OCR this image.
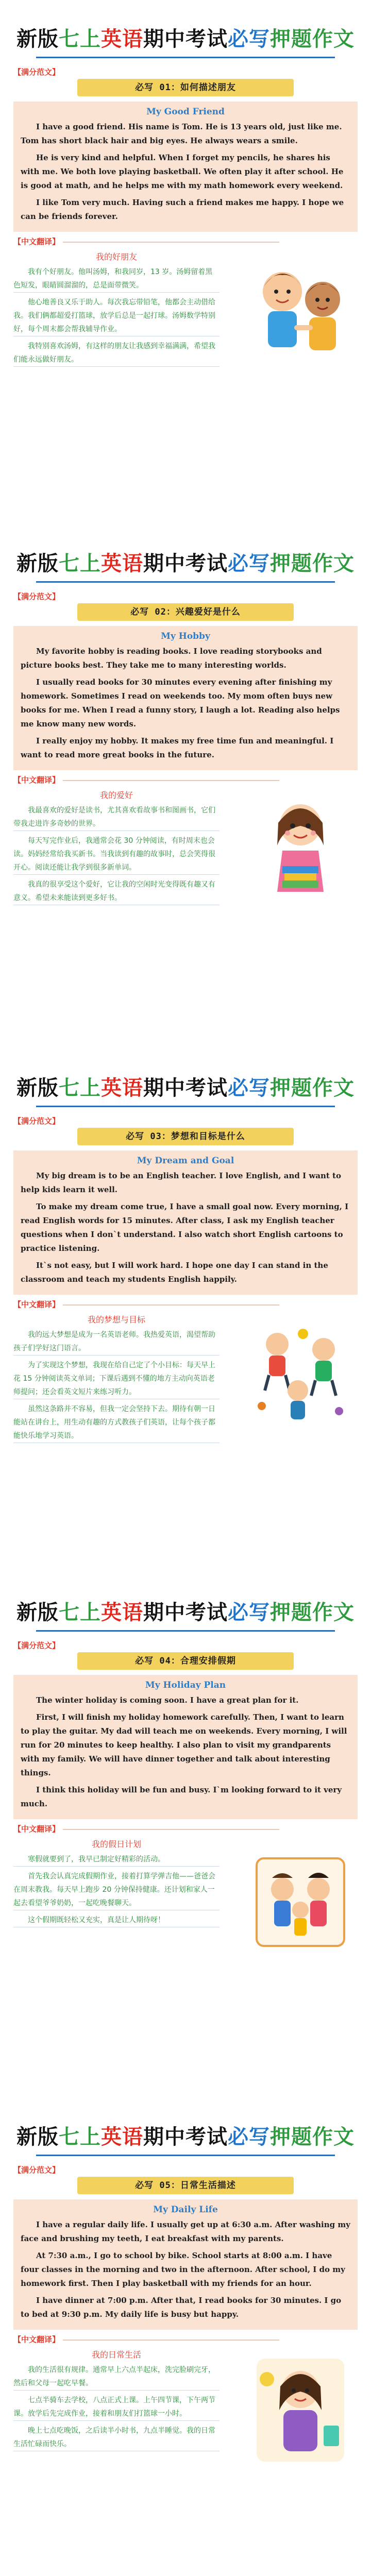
新版七上英语期中考试必写押题作文
【满分范文】
必写 01：如何描述朋友
My Good Friend

I have a good friend. His name is Tom. He is 13 years old, just like me. Tom has short black hair and big eyes. He always wears a smile.

He is very kind and helpful. When I forget my pencils, he shares his with me. We both love playing basketball. We often play it after school. He is good at math, and he helps me with my math homework every weekend.

I like Tom very much. Having such a friend makes me happy. I hope we can be friends forever.

【中文翻译】
我的好朋友

我有个好朋友。他叫汤姆，和我同岁，13 岁。汤姆留着黑色短发，眼睛圆溜溜的，总是面带微笑。

他心地善良又乐于助人。每次我忘带铅笔，他都会主动借给我。我们俩都超爱打篮球，放学后总是一起打球。汤姆数学特别好，每个周末都会帮我辅导作业。

我特别喜欢汤姆，有这样的朋友让我感到幸福满满，希望我们能永远做好朋友。

新版七上英语期中考试必写押题作文
【满分范文】
必写 02：兴趣爱好是什么
My Hobby

My favorite hobby is reading books. I love reading storybooks and picture books best. They take me to many interesting worlds.

I usually read books for 30 minutes every evening after finishing my homework. Sometimes I read on weekends too. My mom often buys new books for me. When I read a funny story, I laugh a lot. Reading also helps me know many new words.

I really enjoy my hobby. It makes my free time fun and meaningful. I want to read more great books in the future.

【中文翻译】
我的爱好

我最喜欢的爱好是读书，尤其喜欢看故事书和图画书，它们带我走进许多奇妙的世界。

每天写完作业后，我通常会花 30 分钟阅读，有时周末也会读。妈妈经常给我买新书。当我读到有趣的故事时，总会笑得很开心。阅读还能让我学到很多新单词。

我真的很享受这个爱好，它让我的空闲时光变得既有趣又有意义。希望未来能读到更多好书。

新版七上英语期中考试必写押题作文
【满分范文】
必写 03：梦想和目标是什么
My Dream and Goal

My big dream is to be an English teacher. I love English, and I want to help kids learn it well.

To make my dream come true, I have a small goal now. Every morning, I read English words for 15 minutes. After class, I ask my English teacher questions when I don`t understand. I also watch short English cartoons to practice listening.

It`s not easy, but I will work hard. I hope one day I can stand in the classroom and teach my students English happily.

【中文翻译】
我的梦想与目标

我的远大梦想是成为一名英语老师。我热爱英语，渴望帮助孩子们学好这门语言。

为了实现这个梦想，我现在给自己定了个小目标：每天早上花 15 分钟阅读英文单词；下课后遇到不懂的地方主动向英语老师提问；还会看英文短片来练习听力。

虽然这条路并不容易，但我一定会坚持下去。期待有朝一日能站在讲台上，用生动有趣的方式教孩子们英语，让每个孩子都能快乐地学习英语。

新版七上英语期中考试必写押题作文
【满分范文】
必写 04：合理安排假期
My Holiday Plan

The winter holiday is coming soon. I have a great plan for it.

First, I will finish my holiday homework carefully. Then, I want to learn to play the guitar. My dad will teach me on weekends. Every morning, I will run for 20 minutes to keep healthy. I also plan to visit my grandparents with my family. We will have dinner together and talk about interesting things.

I think this holiday will be fun and busy. I`m looking forward to it very much.

【中文翻译】
我的假日计划

寒假就要到了，我早已制定好精彩的活动。

首先我会认真完成假期作业，接着打算学弹吉他——爸爸会在周末教我。每天早上跑步 20 分钟保持健康。还计划和家人一起去看望爷爷奶奶，一起吃晚餐聊天。

这个假期既轻松又充实，真是让人期待呀！

新版七上英语期中考试必写押题作文
【满分范文】
必写 05：日常生活描述
My Daily Life

I have a regular daily life. I usually get up at 6:30 a.m. After washing my face and brushing my teeth, I eat breakfast with my parents.

At 7:30 a.m., I go to school by bike. School starts at 8:00 a.m. I have four classes in the morning and two in the afternoon. After school, I do my homework first. Then I play basketball with my friends for an hour.

I have dinner at 7:00 p.m. After that, I read books for 30 minutes. I go to bed at 9:30 p.m. My daily life is busy but happy.

【中文翻译】
我的日常生活

我的生活很有规律。通常早上六点半起床，洗完脸刷完牙，然后和父母一起吃早餐。

七点半骑车去学校，八点正式上课。上午四节课，下午两节课。放学后先完成作业，接着和朋友们打篮球一小时。

晚上七点吃晚饭，之后读半小时书，九点半睡觉。我的日常生活忙碌而快乐。
